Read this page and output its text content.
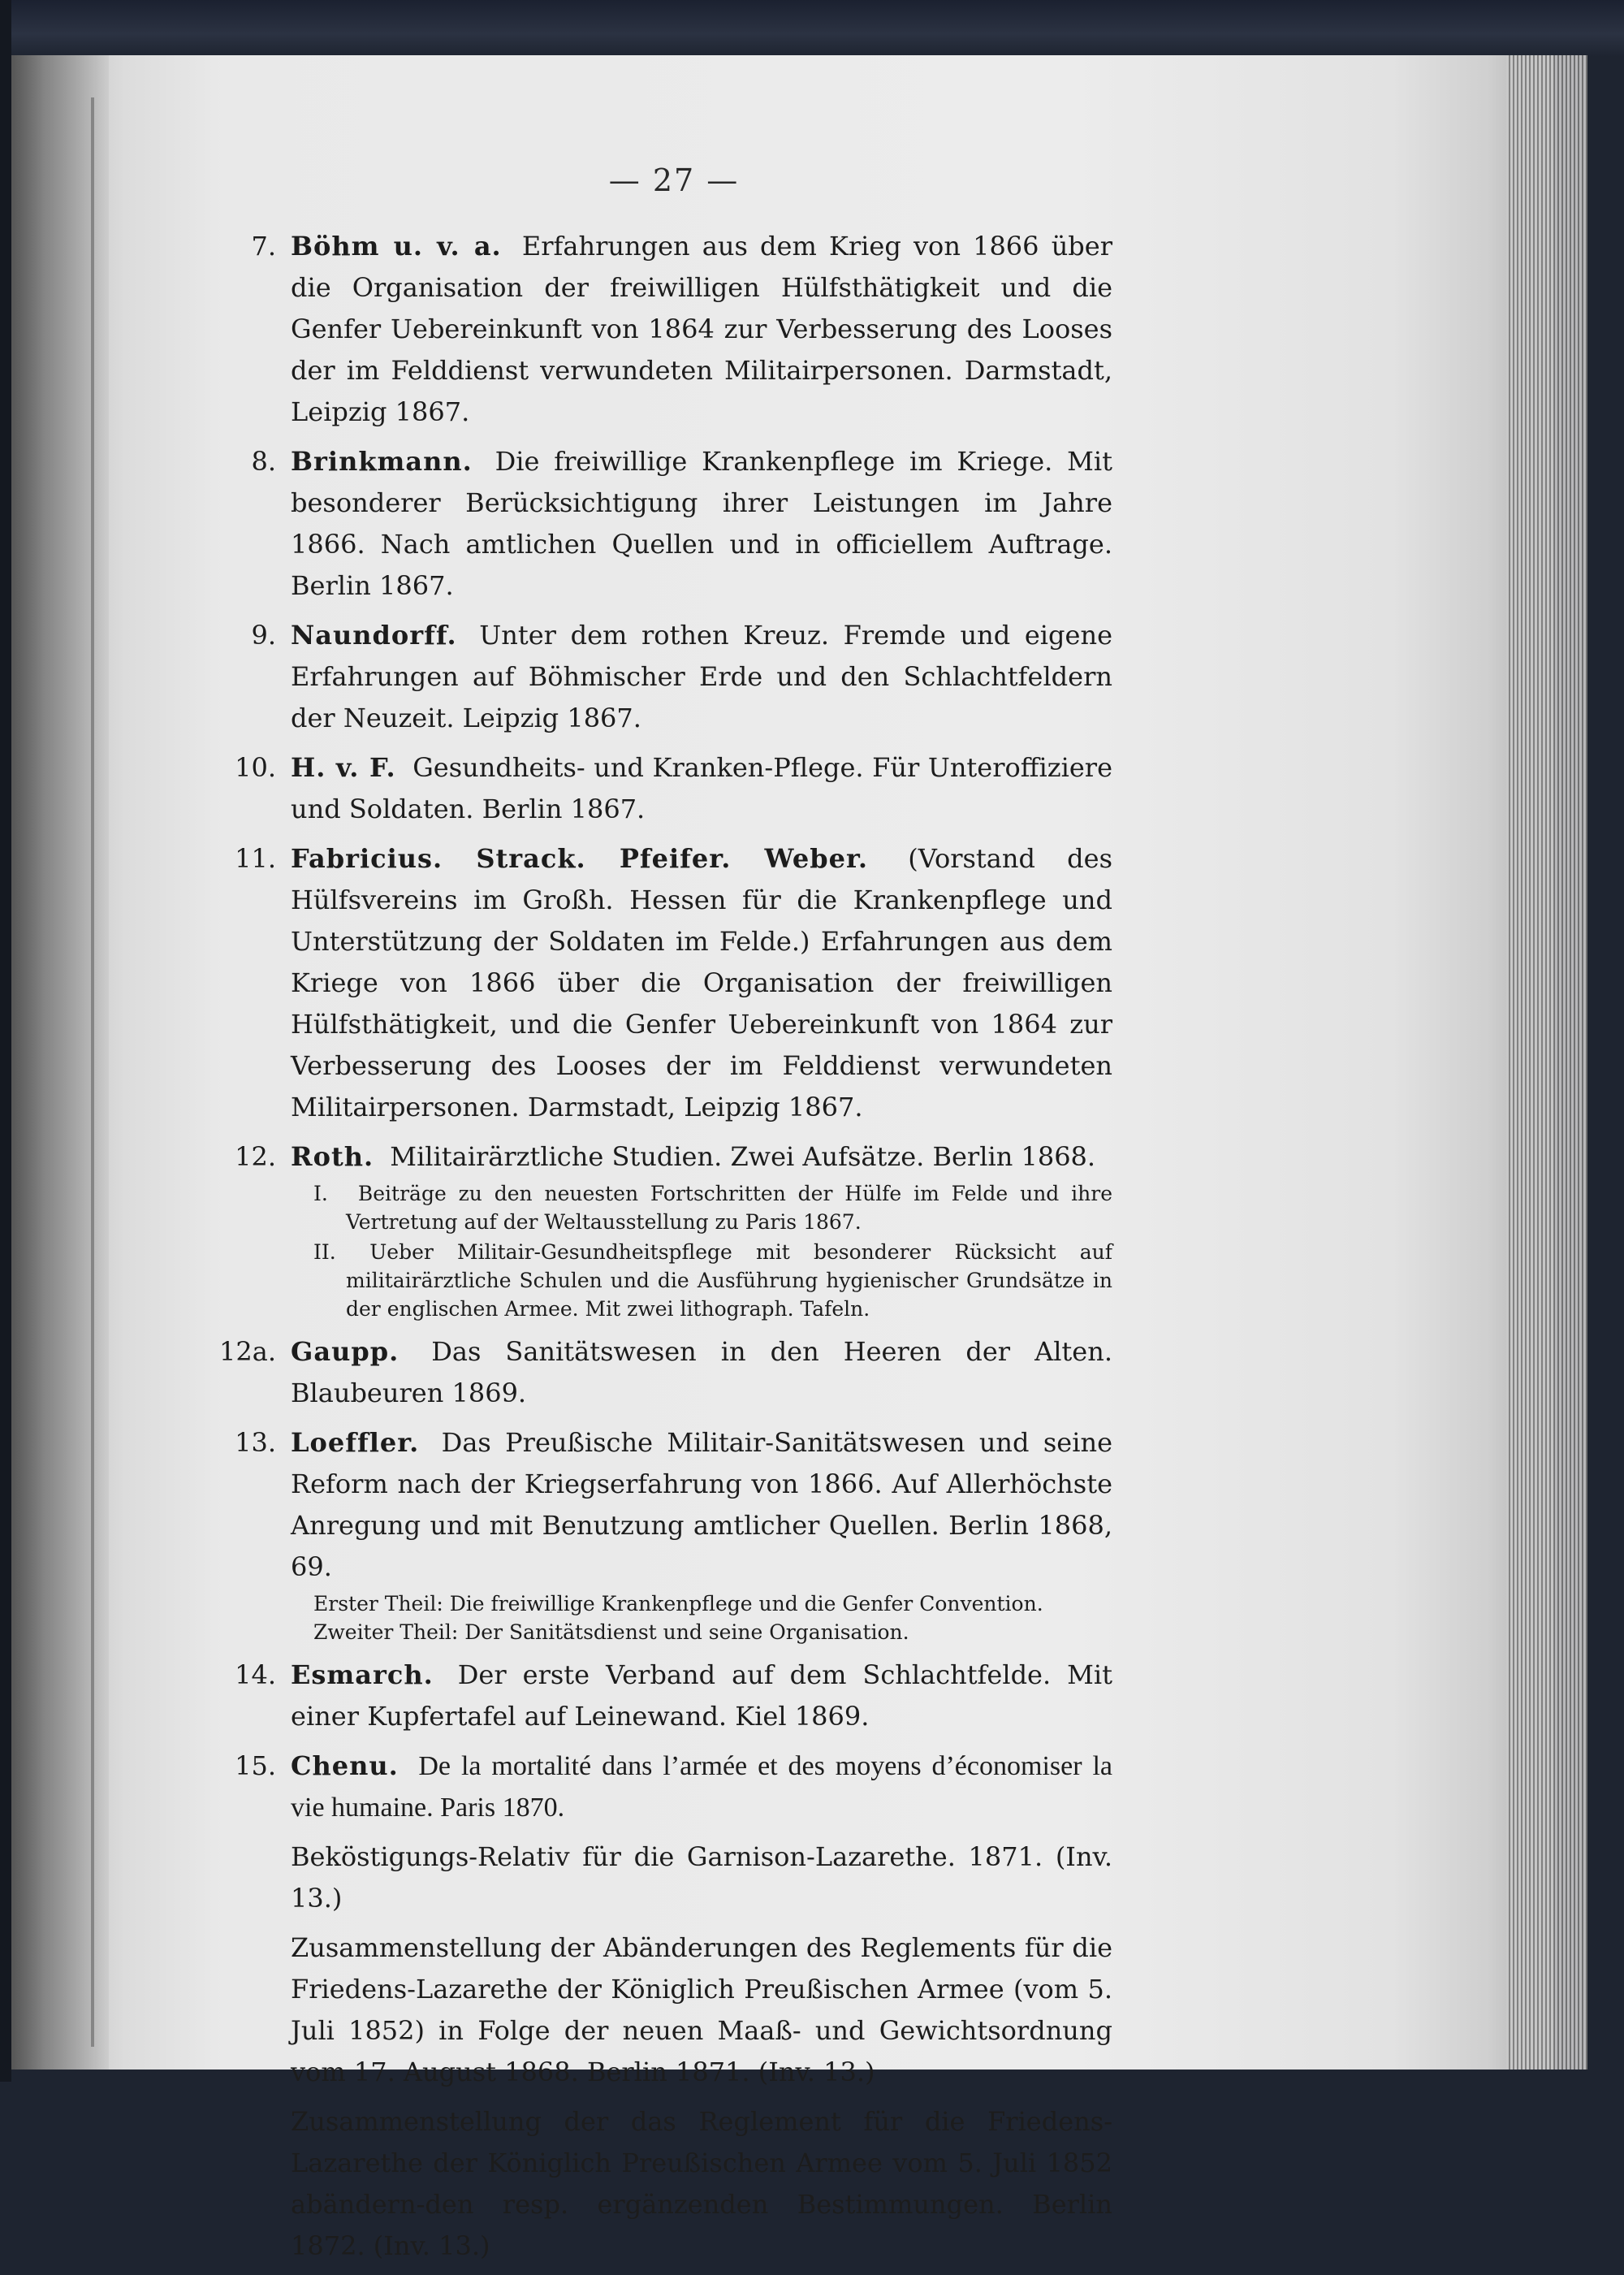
— 27 —
7. Böhm u. v. a. Erfahrungen aus dem Krieg von 1866 über die Organisation der freiwilligen Hülfsthätigkeit und die Genfer Uebereinkunft von 1864 zur Verbesserung des Looses der im Felddienst verwundeten Militairpersonen. Darmstadt, Leipzig 1867.
8. Brinkmann. Die freiwillige Krankenpflege im Kriege. Mit besonderer Berücksichtigung ihrer Leistungen im Jahre 1866. Nach amtlichen Quellen und in officiellem Auftrage. Berlin 1867.
9. Naundorff. Unter dem rothen Kreuz. Fremde und eigene Erfahrungen auf Böhmischer Erde und den Schlachtfeldern der Neuzeit. Leipzig 1867.
10. H. v. F. Gesundheits- und Kranken-Pflege. Für Unteroffiziere und Soldaten. Berlin 1867.
11. Fabricius. Strack. Pfeifer. Weber. (Vorstand des Hülfsvereins im Großh. Hessen für die Krankenpflege und Unterstützung der Soldaten im Felde.) Erfahrungen aus dem Kriege von 1866 über die Organisation der freiwilligen Hülfsthätigkeit, und die Genfer Uebereinkunft von 1864 zur Verbesserung des Looses der im Felddienst verwundeten Militairpersonen. Darmstadt, Leipzig 1867.
12. Roth. Militairärztliche Studien. Zwei Aufsätze. Berlin 1868.
I. Beiträge zu den neuesten Fortschritten der Hülfe im Felde und ihre Vertretung auf der Weltausstellung zu Paris 1867.
II. Ueber Militair-Gesundheitspflege mit besonderer Rücksicht auf militairärztliche Schulen und die Ausführung hygienischer Grundsätze in der englischen Armee. Mit zwei lithograph. Tafeln.
12a. Gaupp. Das Sanitätswesen in den Heeren der Alten. Blaubeuren 1869.
13. Loeffler. Das Preußische Militair-Sanitätswesen und seine Reform nach der Kriegserfahrung von 1866. Auf Allerhöchste Anregung und mit Benutzung amtlicher Quellen. Berlin 1868, 69.
Erster Theil: Die freiwillige Krankenpflege und die Genfer Convention.
Zweiter Theil: Der Sanitätsdienst und seine Organisation.
14. Esmarch. Der erste Verband auf dem Schlachtfelde. Mit einer Kupfertafel auf Leinewand. Kiel 1869.
15. Chenu. De la mortalité dans l’armée et des moyens d’économiser la vie humaine. Paris 1870.
Beköstigungs-Relativ für die Garnison-Lazarethe. 1871. (Inv. 13.)
Zusammenstellung der Abänderungen des Reglements für die Friedens-Lazarethe der Königlich Preußischen Armee (vom 5. Juli 1852) in Folge der neuen Maaß- und Gewichtsordnung vom 17. August 1868. Berlin 1871. (Inv. 13.)
Zusammenstellung der das Reglement für die Friedens-Lazarethe der Königlich Preußischen Armee vom 5. Juli 1852 abändern-den resp. ergänzenden Bestimmungen. Berlin 1872. (Inv. 13.)
